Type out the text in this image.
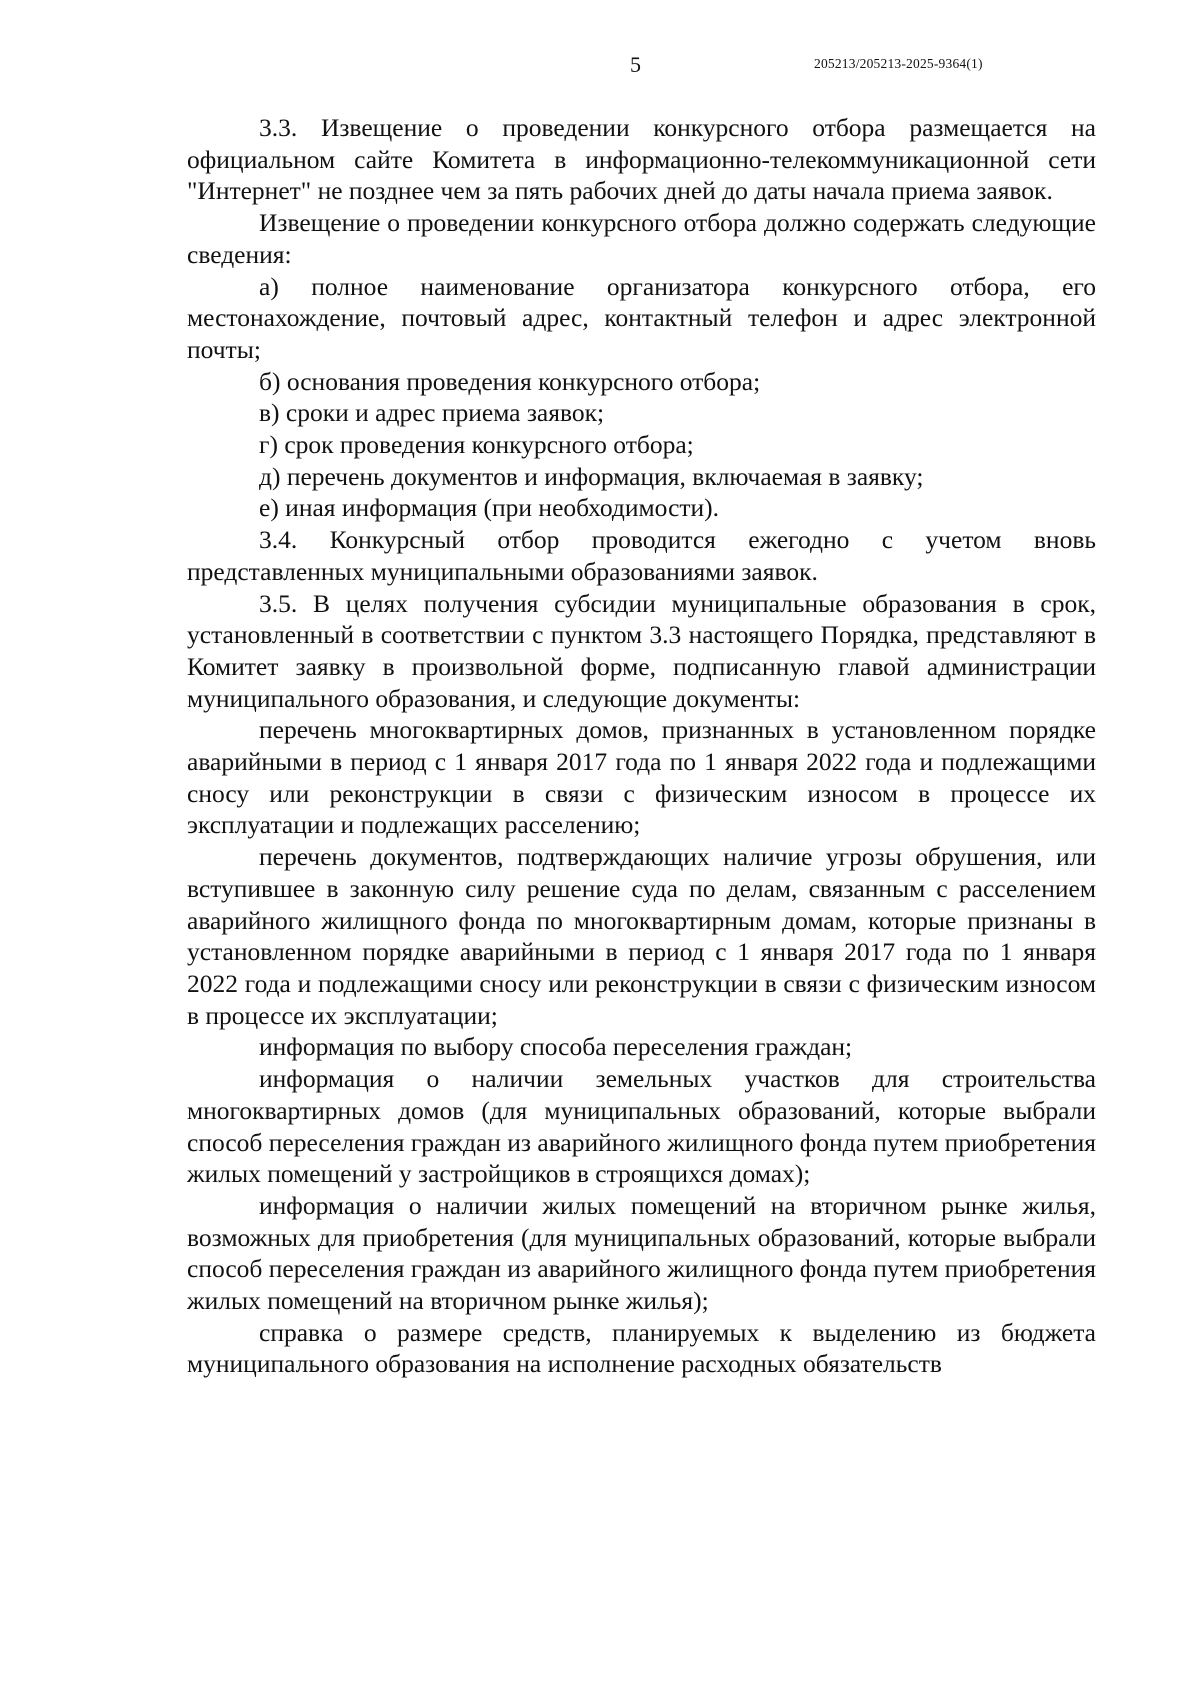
5	205213/205213-2025-9364(1)

3.3. Извещение о проведении конкурсного отбора размещается на официальном сайте Комитета в информационно-телекоммуникационной сети "Интернет" не позднее чем за пять рабочих дней до даты начала приема заявок.

Извещение о проведении конкурсного отбора должно содержать следующие сведения:

а) полное наименование организатора конкурсного отбора, его местонахождение, почтовый адрес, контактный телефон и адрес электронной почты;

б) основания проведения конкурсного отбора;

в) сроки и адрес приема заявок;

г) срок проведения конкурсного отбора;

д) перечень документов и информация, включаемая в заявку;

е) иная информация (при необходимости).

3.4. Конкурсный отбор проводится ежегодно с учетом вновь представленных муниципальными образованиями заявок.

3.5. В целях получения субсидии муниципальные образования в срок, установленный в соответствии с пунктом 3.3 настоящего Порядка, представляют в Комитет заявку в произвольной форме, подписанную главой администрации муниципального образования, и следующие документы:

перечень многоквартирных домов, признанных в установленном порядке аварийными в период с 1 января 2017 года по 1 января 2022 года и подлежащими сносу или реконструкции в связи с физическим износом в процессе их эксплуатации и подлежащих расселению;

перечень документов, подтверждающих наличие угрозы обрушения, или вступившее в законную силу решение суда по делам, связанным с расселением аварийного жилищного фонда по многоквартирным домам, которые признаны в установленном порядке аварийными в период с 1 января 2017 года по 1 января 2022 года и подлежащими сносу или реконструкции в связи с физическим износом в процессе их эксплуатации;

информация по выбору способа переселения граждан;

информация о наличии земельных участков для строительства многоквартирных домов (для муниципальных образований, которые выбрали способ переселения граждан из аварийного жилищного фонда путем приобретения жилых помещений у застройщиков в строящихся домах);

информация о наличии жилых помещений на вторичном рынке жилья, возможных для приобретения (для муниципальных образований, которые выбрали способ переселения граждан из аварийного жилищного фонда путем приобретения жилых помещений на вторичном рынке жилья);

справка о размере средств, планируемых к выделению из бюджета муниципального образования на исполнение расходных обязательств
